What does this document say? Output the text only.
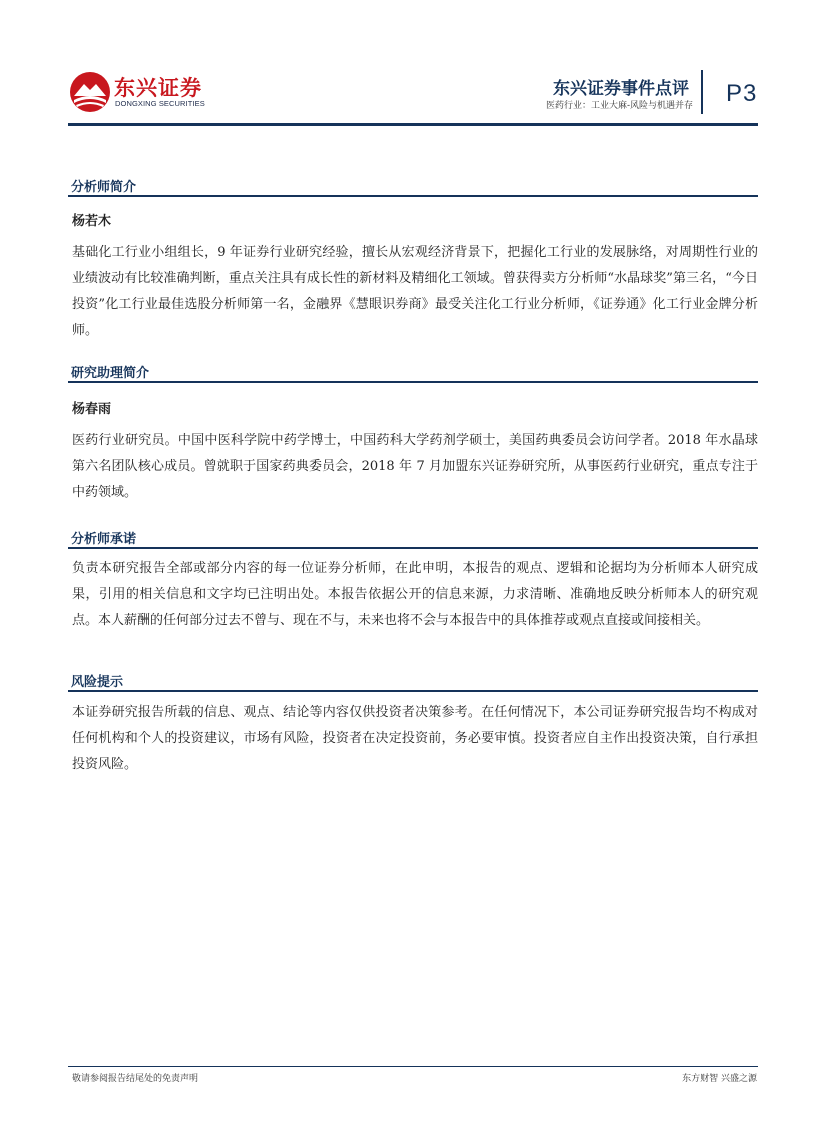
东兴证券
DONGXING SECURITIES
东兴证券事件点评
医药行业：工业大麻-风险与机遇并存 P3
分析师简介
杨若木

基础化工行业小组组长，9 年证券行业研究经验，擅长从宏观经济背景下，把握化工行业的发展脉络，对周期性行业的业绩波动有比较准确判断，重点关注具有成长性的新材料及精细化工领域。曾获得卖方分析师“水晶球奖”第三名，“今日投资”化工行业最佳选股分析师第一名，金融界《慧眼识券商》最受关注化工行业分析师，《证券通》化工行业金牌分析师。

研究助理简介
杨春雨

医药行业研究员。中国中医科学院中药学博士，中国药科大学药剂学硕士，美国药典委员会访问学者。2018 年水晶球第六名团队核心成员。曾就职于国家药典委员会，2018 年 7 月加盟东兴证券研究所，从事医药行业研究，重点专注于中药领域。

分析师承诺

负责本研究报告全部或部分内容的每一位证券分析师，在此申明，本报告的观点、逻辑和论据均为分析师本人研究成果，引用的相关信息和文字均已注明出处。本报告依据公开的信息来源，力求清晰、准确地反映分析师本人的研究观点。本人薪酬的任何部分过去不曾与、现在不与，未来也将不会与本报告中的具体推荐或观点直接或间接相关。

风险提示

本证券研究报告所载的信息、观点、结论等内容仅供投资者决策参考。在任何情况下，本公司证券研究报告均不构成对任何机构和个人的投资建议，市场有风险，投资者在决定投资前，务必要审慎。投资者应自主作出投资决策，自行承担投资风险。

敬请参阅报告结尾处的免责声明	东方财智 兴盛之源
